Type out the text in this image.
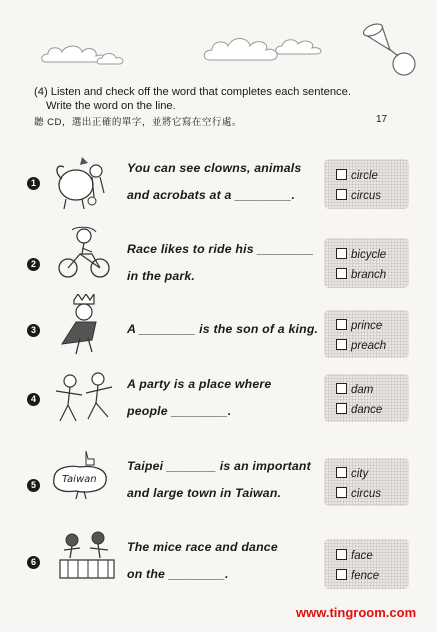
(4) Listen and check off the word that completes each sentence.
Write the word on the line.
聽 CD，選出正確的單字，並將它寫在空行處。	17
1
You can see clowns, animals
and acrobats at a ________.
circle
circus
2
Race likes to ride his ________
in the park.
bicycle
branch
3	A ________ is the son of a king.	prince
preach
4
A party is a place where
people ________.
dam
dance
5	Taiwan
Taipei _______ is an important
and large town in Taiwan.
city
circus
6
The mice race and dance
on the ________.
face
fence
www.tingroom.com
